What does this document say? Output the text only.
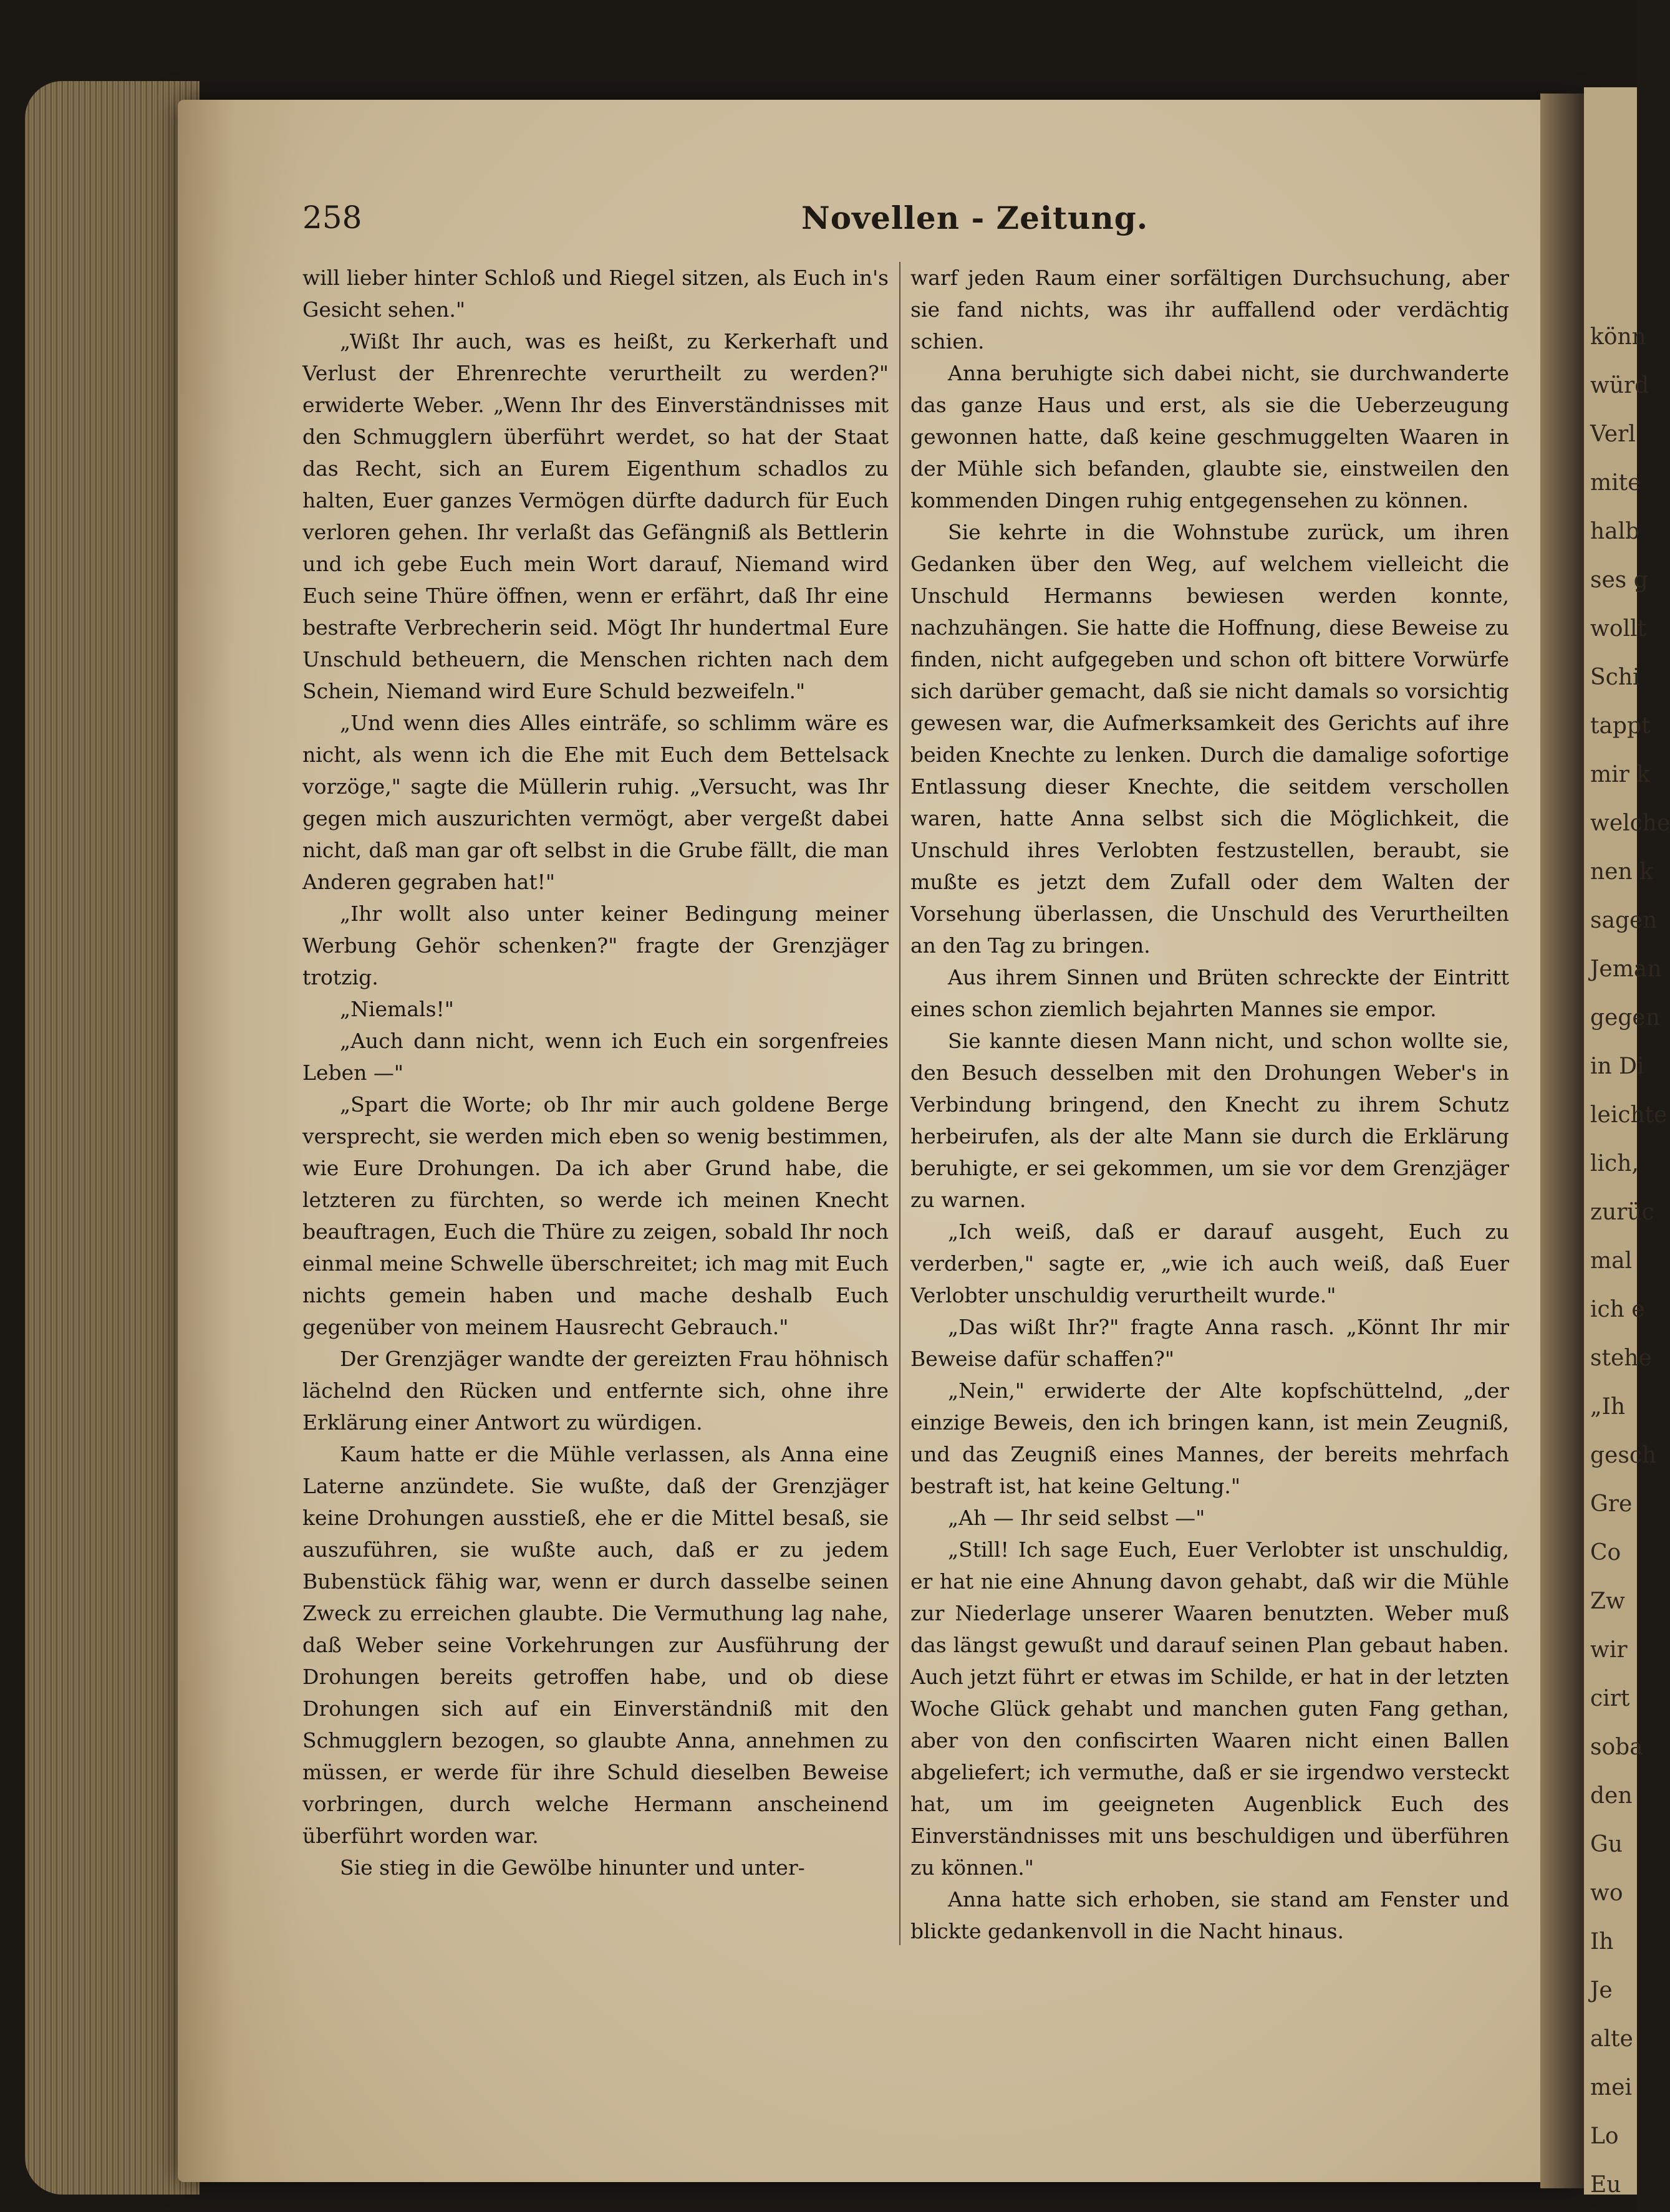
könn
würd
Verl
mite
halb
ses g
wollt
Schi
tappt
mir k
welche
nen k
sagen
Jeman
gegen
in Di
leichte
lich,
zurüc
mal
ich e
stehe
„Ih
gesch
Gre
Co
Zw
wir
cirt
soba
den
Gu
wo
Ih
Je
alte
mei
Lo
Eu
258	Novellen - Zeitung.

will lieber hinter Schloß und Riegel sitzen, als Euch in's Gesicht sehen."

„Wißt Ihr auch, was es heißt, zu Kerkerhaft und Verlust der Ehrenrechte verurtheilt zu werden?" erwiderte Weber. „Wenn Ihr des Einverständnisses mit den Schmugglern überführt werdet, so hat der Staat das Recht, sich an Eurem Eigenthum schadlos zu halten, Euer ganzes Vermögen dürfte dadurch für Euch verloren gehen. Ihr verlaßt das Gefängniß als Bettlerin und ich gebe Euch mein Wort darauf, Niemand wird Euch seine Thüre öffnen, wenn er erfährt, daß Ihr eine bestrafte Verbrecherin seid. Mögt Ihr hundertmal Eure Unschuld betheuern, die Menschen richten nach dem Schein, Niemand wird Eure Schuld bezweifeln."

„Und wenn dies Alles einträfe, so schlimm wäre es nicht, als wenn ich die Ehe mit Euch dem Bettelsack vorzöge," sagte die Müllerin ruhig. „Versucht, was Ihr gegen mich auszurichten vermögt, aber vergeßt dabei nicht, daß man gar oft selbst in die Grube fällt, die man Anderen gegraben hat!"

„Ihr wollt also unter keiner Bedingung meiner Werbung Gehör schenken?" fragte der Grenzjäger trotzig.

„Niemals!"

„Auch dann nicht, wenn ich Euch ein sorgenfreies Leben —"

„Spart die Worte; ob Ihr mir auch goldene Berge versprecht, sie werden mich eben so wenig bestimmen, wie Eure Drohungen. Da ich aber Grund habe, die letzteren zu fürchten, so werde ich meinen Knecht beauftragen, Euch die Thüre zu zeigen, sobald Ihr noch einmal meine Schwelle überschreitet; ich mag mit Euch nichts gemein haben und mache deshalb Euch gegenüber von meinem Hausrecht Gebrauch."

Der Grenzjäger wandte der gereizten Frau höhnisch lächelnd den Rücken und entfernte sich, ohne ihre Erklärung einer Antwort zu würdigen.

Kaum hatte er die Mühle verlassen, als Anna eine Laterne anzündete. Sie wußte, daß der Grenzjäger keine Drohungen ausstieß, ehe er die Mittel besaß, sie auszuführen, sie wußte auch, daß er zu jedem Bubenstück fähig war, wenn er durch dasselbe seinen Zweck zu erreichen glaubte. Die Vermuthung lag nahe, daß Weber seine Vorkehrungen zur Ausführung der Drohungen bereits getroffen habe, und ob diese Drohungen sich auf ein Einverständniß mit den Schmugglern bezogen, so glaubte Anna, annehmen zu müssen, er werde für ihre Schuld dieselben Beweise vorbringen, durch welche Hermann anscheinend überführt worden war.

Sie stieg in die Gewölbe hinunter und unter-

warf jeden Raum einer sorfältigen Durchsuchung, aber sie fand nichts, was ihr auffallend oder verdächtig schien.

Anna beruhigte sich dabei nicht, sie durchwanderte das ganze Haus und erst, als sie die Ueberzeugung gewonnen hatte, daß keine geschmuggelten Waaren in der Mühle sich befanden, glaubte sie, einstweilen den kommenden Dingen ruhig entgegensehen zu können.

Sie kehrte in die Wohnstube zurück, um ihren Gedanken über den Weg, auf welchem vielleicht die Unschuld Hermanns bewiesen werden konnte, nachzuhängen. Sie hatte die Hoffnung, diese Beweise zu finden, nicht aufgegeben und schon oft bittere Vorwürfe sich darüber gemacht, daß sie nicht damals so vorsichtig gewesen war, die Aufmerksamkeit des Gerichts auf ihre beiden Knechte zu lenken. Durch die damalige sofortige Entlassung dieser Knechte, die seitdem verschollen waren, hatte Anna selbst sich die Möglichkeit, die Unschuld ihres Verlobten festzustellen, beraubt, sie mußte es jetzt dem Zufall oder dem Walten der Vorsehung überlassen, die Unschuld des Verurtheilten an den Tag zu bringen.

Aus ihrem Sinnen und Brüten schreckte der Eintritt eines schon ziemlich bejahrten Mannes sie empor.

Sie kannte diesen Mann nicht, und schon wollte sie, den Besuch desselben mit den Drohungen Weber's in Verbindung bringend, den Knecht zu ihrem Schutz herbeirufen, als der alte Mann sie durch die Erklärung beruhigte, er sei gekommen, um sie vor dem Grenzjäger zu warnen.

„Ich weiß, daß er darauf ausgeht, Euch zu verderben," sagte er, „wie ich auch weiß, daß Euer Verlobter unschuldig verurtheilt wurde."

„Das wißt Ihr?" fragte Anna rasch. „Könnt Ihr mir Beweise dafür schaffen?"

„Nein," erwiderte der Alte kopfschüttelnd, „der einzige Beweis, den ich bringen kann, ist mein Zeugniß, und das Zeugniß eines Mannes, der bereits mehrfach bestraft ist, hat keine Geltung."

„Ah — Ihr seid selbst —"

„Still! Ich sage Euch, Euer Verlobter ist unschuldig, er hat nie eine Ahnung davon gehabt, daß wir die Mühle zur Niederlage unserer Waaren benutzten. Weber muß das längst gewußt und darauf seinen Plan gebaut haben. Auch jetzt führt er etwas im Schilde, er hat in der letzten Woche Glück gehabt und manchen guten Fang gethan, aber von den confiscirten Waaren nicht einen Ballen abgeliefert; ich vermuthe, daß er sie irgendwo versteckt hat, um im geeigneten Augenblick Euch des Einverständnisses mit uns beschuldigen und überführen zu können."

Anna hatte sich erhoben, sie stand am Fenster und blickte gedankenvoll in die Nacht hinaus.
